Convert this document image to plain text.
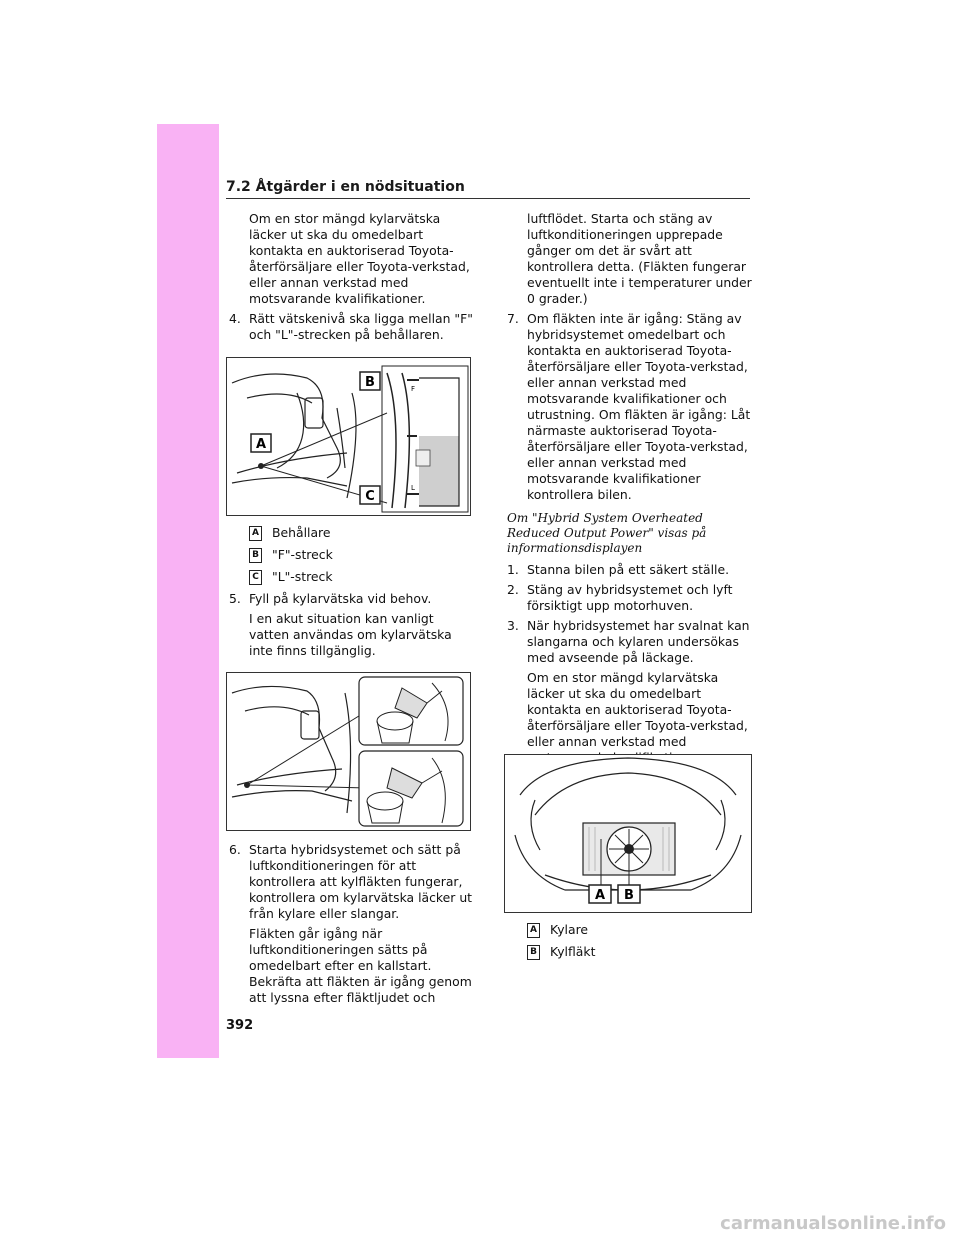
7.2 Åtgärder i en nödsituation

Om en stor mängd kylarvätska läcker ut ska du omedelbart kontakta en auktoriserad Toyota-återförsäljare eller Toyota-verkstad, eller annan verkstad med motsvarande kvalifikationer.

4. Rätt vätskenivå ska ligga mellan "F" och "L"-strecken på behållaren.
A
B
C
F
L
A Behållare
B "F"-streck
C "L"-streck
5. Fyll på kylarvätska vid behov.

I en akut situation kan vanligt vatten användas om kylarvätska inte finns tillgänglig.

6. Starta hybridsystemet och sätt på luftkonditioneringen för att kontrollera att kylfläkten fungerar, kontrollera om kylarvätska läcker ut från kylare eller slangar.

Fläkten går igång när luftkonditioneringen sätts på omedelbart efter en kallstart. Bekräfta att fläkten är igång genom att lyssna efter fläktljudet och

luftflödet. Starta och stäng av luftkonditioneringen upprepade gånger om det är svårt att kontrollera detta. (Fläkten fungerar eventuellt inte i temperaturer under 0 grader.)

7. Om fläkten inte är igång: Stäng av hybridsystemet omedelbart och kontakta en auktoriserad Toyota-återförsäljare eller Toyota-verkstad, eller annan verkstad med motsvarande kvalifikationer och utrustning. Om fläkten är igång: Låt närmaste auktoriserad Toyota-återförsäljare eller Toyota-verkstad, eller annan verkstad med motsvarande kvalifikationer kontrollera bilen.
Om "Hybrid System Overheated Reduced Output Power" visas på informationsdisplayen
1. Stanna bilen på ett säkert ställe.
2. Stäng av hybridsystemet och lyft försiktigt upp motorhuven.
3. När hybridsystemet har svalnat kan slangarna och kylaren undersökas med avseende på läckage.

Om en stor mängd kylarvätska läcker ut ska du omedelbart kontakta en auktoriserad Toyota-återförsäljare eller Toyota-verkstad, eller annan verkstad med

A B
A Kylare
B Kylfläkt
392
carmanualsonline.info
